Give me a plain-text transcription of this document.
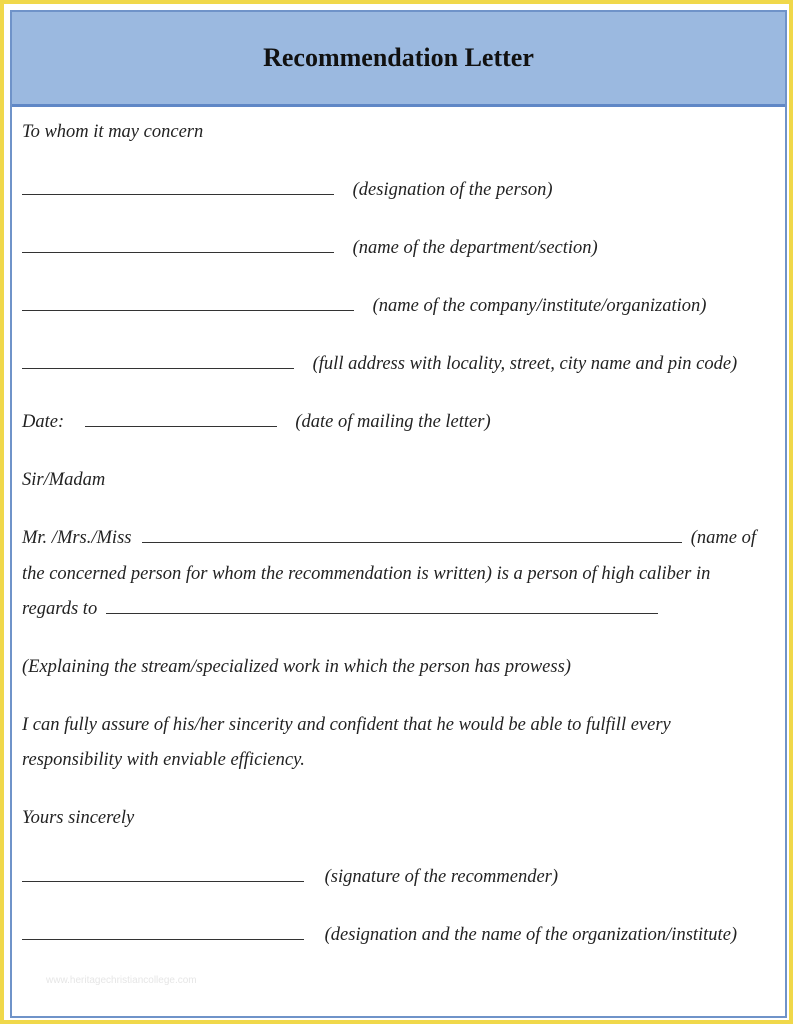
Recommendation Letter
To whom it may concern
(designation of the person)
(name of the department/section)
(name of the company/institute/organization)
(full address with locality, street, city name and pin code)
Date:	(date of mailing the letter)
Sir/Madam
Mr. /Mrs./Miss	(name of
the concerned person for whom the recommendation is written) is a person of high caliber in
regards to
(Explaining the stream/specialized work in which the person has prowess)
I can fully assure of his/her sincerity and confident that he would be able to fulfill every
responsibility with enviable efficiency.
Yours sincerely
(signature of the recommender)
(designation and the name of the organization/institute)
www.heritagechristiancollege.com
